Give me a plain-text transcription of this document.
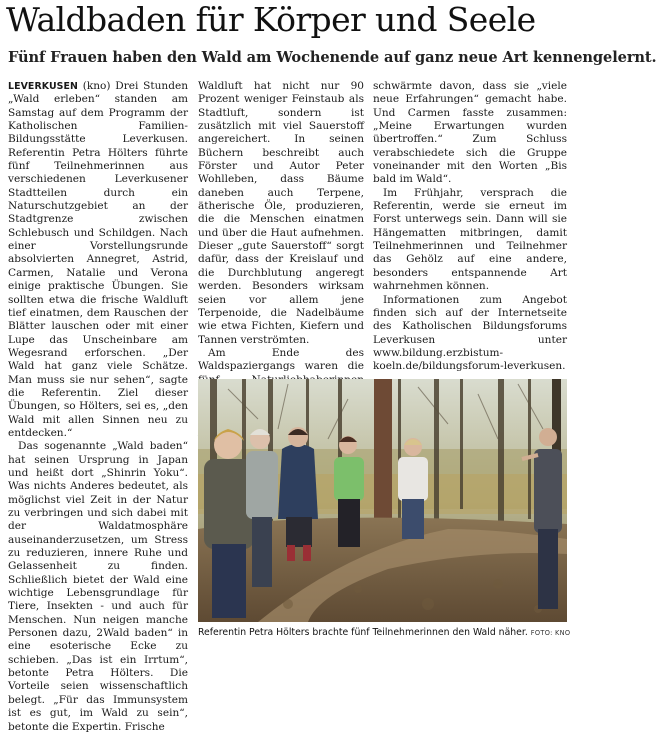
Waldbaden für Körper und Seele
Fünf Frauen haben den Wald am Wochenende auf ganz neue Art kennengelernt.

LEVERKUSEN (kno) Drei Stunden „Wald erleben“ standen am Samstag auf dem Programm der Katholischen Familien-Bildungsstätte Leverkusen. Referentin Petra Hölters führte fünf Teilnehmerinnen aus verschiedenen Leverkusener Stadtteilen durch ein Naturschutzgebiet an der Stadtgrenze zwischen Schlebusch und Schildgen. Nach einer Vorstellungsrunde absolvierten Annegret, Astrid, Carmen, Natalie und Verona einige praktische Übungen. Sie sollten etwa die frische Waldluft tief einatmen, dem Rauschen der Blätter lauschen oder mit einer Lupe das Unscheinbare am Wegesrand erforschen. „Der Wald hat ganz viele Schätze. Man muss sie nur sehen“, sagte die Referentin. Ziel dieser Übungen, so Hölters, sei es, „den Wald mit allen Sinnen neu zu entdecken.“

Das sogenannte „Wald baden“ hat seinen Ursprung in Japan und heißt dort „Shinrin Yoku“. Was nichts Anderes bedeutet, als möglichst viel Zeit in der Natur zu verbringen und sich dabei mit der Waldatmosphäre auseinanderzusetzen, um Stress zu reduzieren, innere Ruhe und Gelassenheit zu finden. Schließlich bietet der Wald eine wichtige Lebensgrundlage für Tiere, Insekten - und auch für Menschen. Nun neigen manche Personen dazu, 2Wald baden“ in eine esoterische Ecke zu schieben. „Das ist ein Irrtum“, betonte Petra Hölters. Die Vorteile seien wissenschaftlich belegt. „Für das Immunsystem ist es gut, im Wald zu sein“, betonte die Expertin. Frische

Waldluft hat nicht nur 90 Prozent weniger Feinstaub als Stadtluft, sondern ist zusätzlich mit viel Sauerstoff angereichert. In seinen Büchern beschreibt auch Förster und Autor Peter Wohlleben, dass Bäume daneben auch Terpene, ätherische Öle, produzieren, die die Menschen einatmen und über die Haut aufnehmen. Dieser „gute Sauerstoff“ sorgt dafür, dass der Kreislauf und die Durchblutung angeregt werden. Besonders wirksam seien vor allem jene Terpenoide, die Nadelbäume wie etwa Fichten, Kiefern und Tannen verströmten.

Am Ende des Waldspaziergangs waren die

schwärmte davon, dass sie „viele neue Erfahrungen“ gemacht habe. Und Carmen fasste zusammen: „Meine Erwartungen wurden übertroffen.“ Zum Schluss verabschiedete sich die Gruppe voneinander mit den Worten „Bis bald im Wald“.

Im Frühjahr, versprach die Referentin, werde sie erneut im Forst unterwegs sein. Dann will sie Hängematten mitbringen, damit Teilnehmerinnen und Teilnehmer das Gehölz auf eine andere, besonders entspannende Art wahrnehmen können.

Informationen zum Angebot finden sich auf der Internetseite des Katholischen Bildungsforums Leverkusen unter www.bildung.erzbistum-koeln.de/bildungsforum-leverkusen.

Referentin Petra Hölters brachte fünf Teilnehmerinnen den Wald näher. FOTO: KNO
